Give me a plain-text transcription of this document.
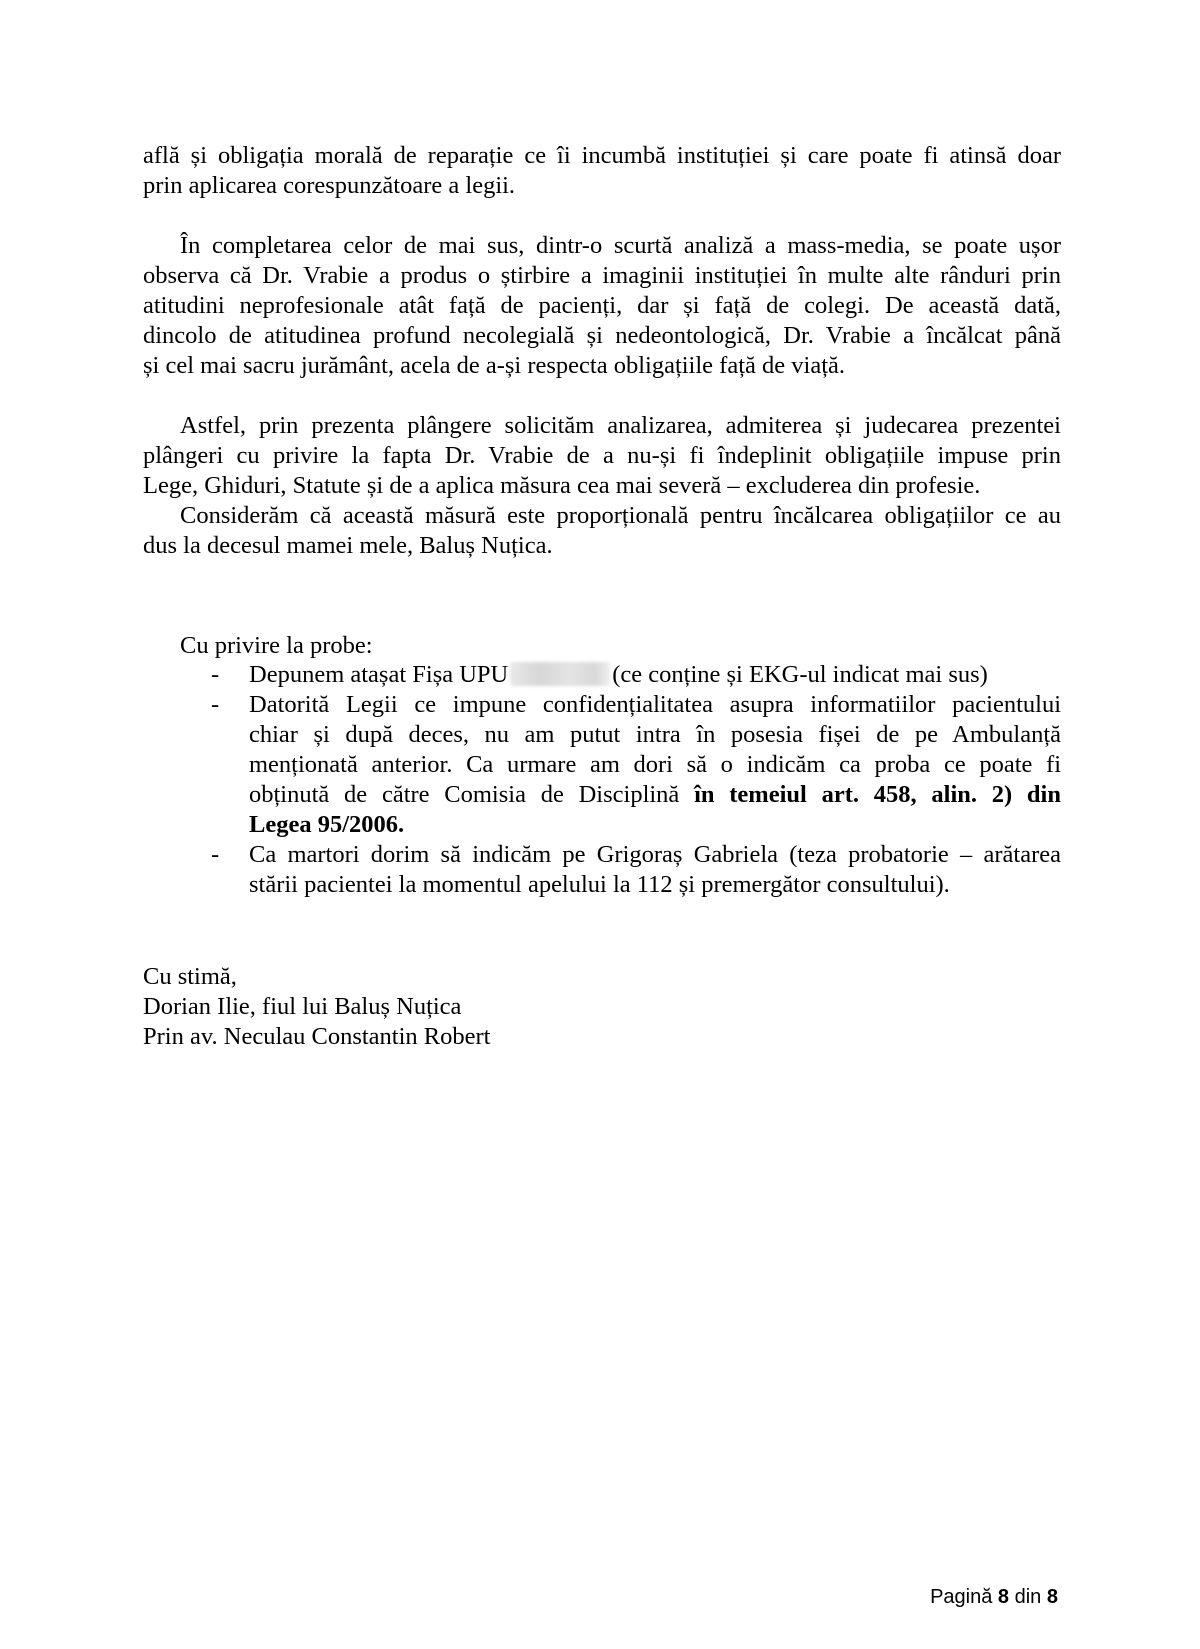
află și obligația morală de reparație ce îi incumbă instituției și care poate fi atinsă doar
prin aplicarea corespunzătoare a legii.
În completarea celor de mai sus, dintr-o scurtă analiză a mass-media, se poate ușor
observa că Dr. Vrabie a produs o știrbire a imaginii instituției în multe alte rânduri prin
atitudini neprofesionale atât față de pacienți, dar și față de colegi. De această dată,
dincolo de atitudinea profund necolegială și nedeontologică, Dr. Vrabie a încălcat până
și cel mai sacru jurământ, acela de a-și respecta obligațiile față de viață.
Astfel, prin prezenta plângere solicităm analizarea, admiterea și judecarea prezentei
plângeri cu privire la fapta Dr. Vrabie de a nu-și fi îndeplinit obligațiile impuse prin
Lege, Ghiduri, Statute și de a aplica măsura cea mai severă – excluderea din profesie.
Considerăm că această măsură este proporțională pentru încălcarea obligațiilor ce au
dus la decesul mamei mele, Baluș Nuțica.
Cu privire la probe:
- Depunem atașat Fișa UPU	(ce conține și EKG-ul indicat mai sus)
- Datorită Legii ce impune confidențialitatea asupra informatiilor pacientului
chiar și după deces, nu am putut intra în posesia fișei de pe Ambulanță
menționată anterior. Ca urmare am dori să o indicăm ca proba ce poate fi
obținută de către Comisia de Disciplină în temeiul art. 458, alin. 2) din
Legea 95/2006.
- Ca martori dorim să indicăm pe Grigoraș Gabriela (teza probatorie – arătarea
stării pacientei la momentul apelului la 112 și premergător consultului).
Cu stimă,
Dorian Ilie, fiul lui Baluș Nuțica
Prin av. Neculau Constantin Robert
Pagină 8 din 8
